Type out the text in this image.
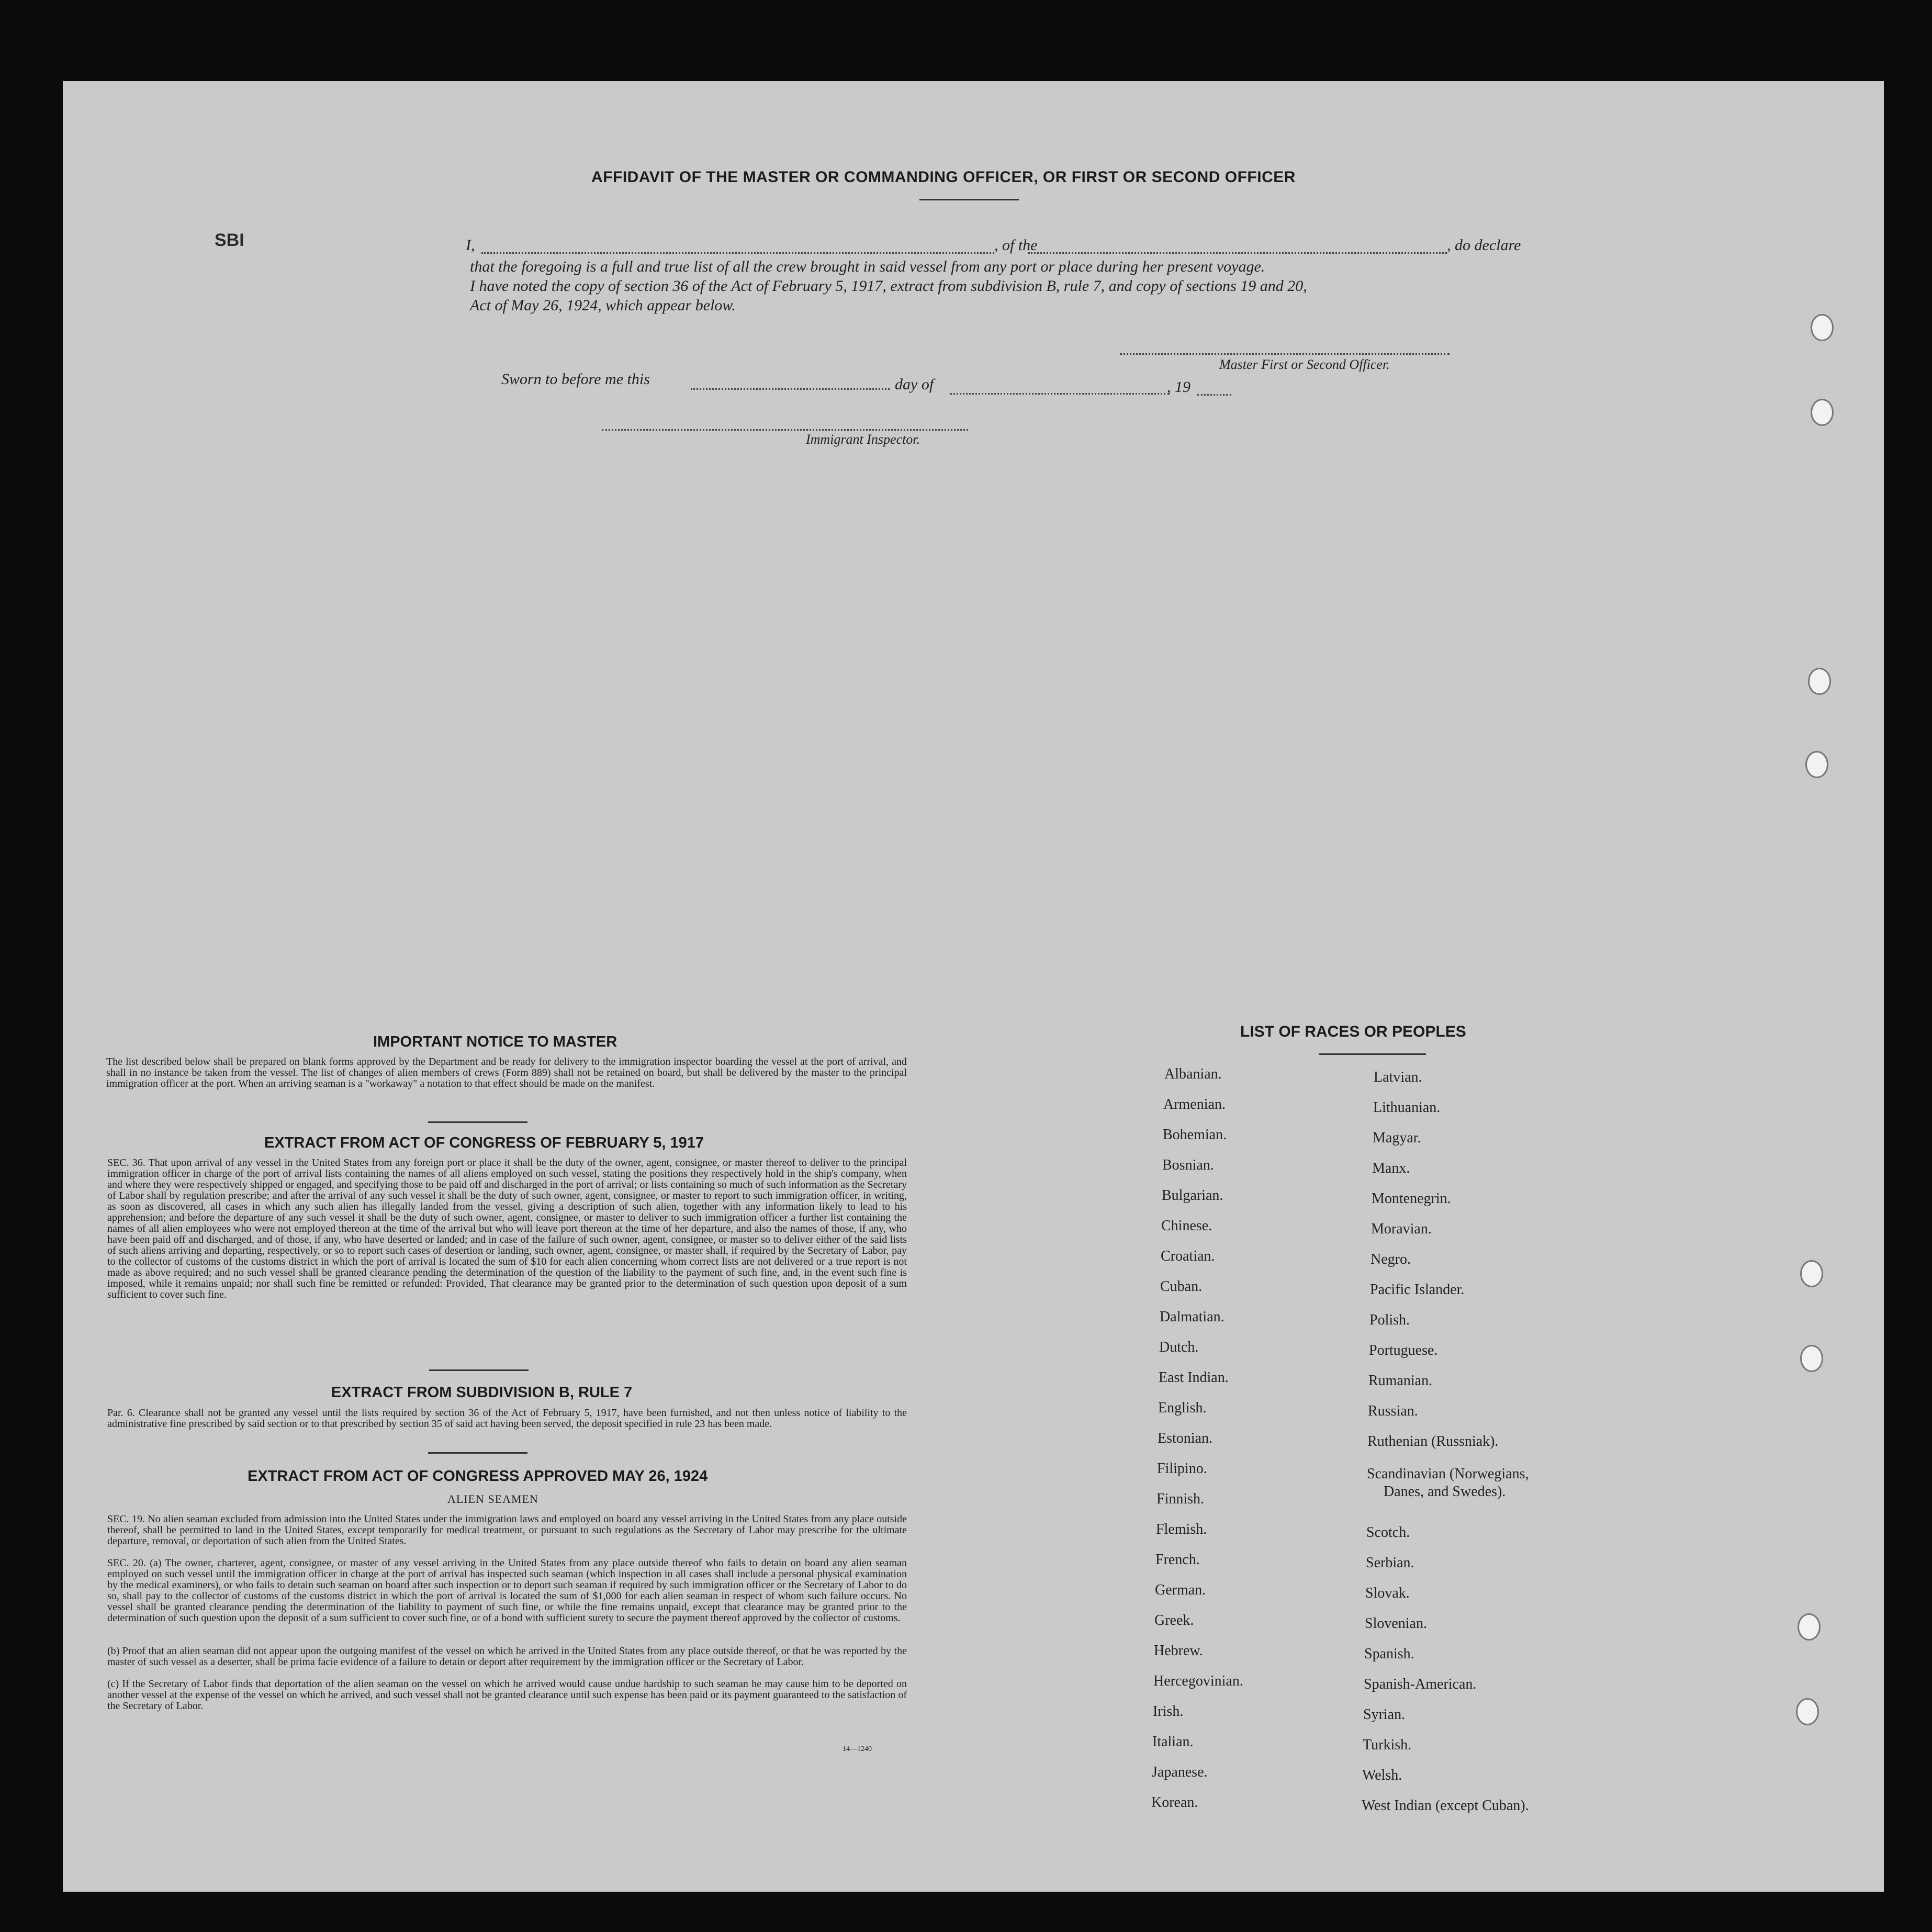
AFFIDAVIT OF THE MASTER OR COMMANDING OFFICER, OR FIRST OR SECOND OFFICER
SBI	I,	, of the	, do declare
that the foregoing is a full and true list of all the crew brought in said vessel from any port or place during her present voyage.
I have noted the copy of section 36 of the Act of February 5, 1917, extract from subdivision B, rule 7, and copy of sections 19 and 20,
Act of May 26, 1924, which appear below.
Master First or Second Officer.
Sworn to before me this	day of	, 19
Immigrant Inspector.
IMPORTANT NOTICE TO MASTER
The list described below shall be prepared on blank forms approved by the Department and be ready for delivery to the immigration inspector boarding the vessel at the port of arrival, and shall in no instance be taken from the vessel. The list of changes of alien members of crews (Form 889) shall not be retained on board, but shall be delivered by the master to the principal immigration officer at the port. When an arriving seaman is a "workaway" a notation to that effect should be made on the manifest.
EXTRACT FROM ACT OF CONGRESS OF FEBRUARY 5, 1917
SEC. 36. That upon arrival of any vessel in the United States from any foreign port or place it shall be the duty of the owner, agent, consignee, or master thereof to deliver to the principal immigration officer in charge of the port of arrival lists containing the names of all aliens employed on such vessel, stating the positions they respectively hold in the ship's company, when and where they were respectively shipped or engaged, and specifying those to be paid off and discharged in the port of arrival; or lists containing so much of such information as the Secretary of Labor shall by regulation prescribe; and after the arrival of any such vessel it shall be the duty of such owner, agent, consignee, or master to report to such immigration officer, in writing, as soon as discovered, all cases in which any such alien has illegally landed from the vessel, giving a description of such alien, together with any information likely to lead to his apprehension; and before the departure of any such vessel it shall be the duty of such owner, agent, consignee, or master to deliver to such immigration officer a further list containing the names of all alien employees who were not employed thereon at the time of the arrival but who will leave port thereon at the time of her departure, and also the names of those, if any, who have been paid off and discharged, and of those, if any, who have deserted or landed; and in case of the failure of such owner, agent, consignee, or master so to deliver either of the said lists of such aliens arriving and departing, respectively, or so to report such cases of desertion or landing, such owner, agent, consignee, or master shall, if required by the Secretary of Labor, pay to the collector of customs of the customs district in which the port of arrival is located the sum of $10 for each alien concerning whom correct lists are not delivered or a true report is not made as above required; and no such vessel shall be granted clearance pending the determination of the question of the liability to the payment of such fine, and, in the event such fine is imposed, while it remains unpaid; nor shall such fine be remitted or refunded: Provided, That clearance may be granted prior to the determination of such question upon deposit of a sum sufficient to cover such fine.
EXTRACT FROM SUBDIVISION B, RULE 7
Par. 6. Clearance shall not be granted any vessel until the lists required by section 36 of the Act of February 5, 1917, have been furnished, and not then unless notice of liability to the administrative fine prescribed by said section or to that prescribed by section 35 of said act having been served, the deposit specified in rule 23 has been made.
EXTRACT FROM ACT OF CONGRESS APPROVED MAY 26, 1924
ALIEN SEAMEN
SEC. 19. No alien seaman excluded from admission into the United States under the immigration laws and employed on board any vessel arriving in the United States from any place outside thereof, shall be permitted to land in the United States, except temporarily for medical treatment, or pursuant to such regulations as the Secretary of Labor may prescribe for the ultimate departure, removal, or deportation of such alien from the United States.
SEC. 20. (a) The owner, charterer, agent, consignee, or master of any vessel arriving in the United States from any place outside thereof who fails to detain on board any alien seaman employed on such vessel until the immigration officer in charge at the port of arrival has inspected such seaman (which inspection in all cases shall include a personal physical examination by the medical examiners), or who fails to detain such seaman on board after such inspection or to deport such seaman if required by such immigration officer or the Secretary of Labor to do so, shall pay to the collector of customs of the customs district in which the port of arrival is located the sum of $1,000 for each alien seaman in respect of whom such failure occurs. No vessel shall be granted clearance pending the determination of the liability to payment of such fine, or while the fine remains unpaid, except that clearance may be granted prior to the determination of such question upon the deposit of a sum sufficient to cover such fine, or of a bond with sufficient surety to secure the payment thereof approved by the collector of customs.
(b) Proof that an alien seaman did not appear upon the outgoing manifest of the vessel on which he arrived in the United States from any place outside thereof, or that he was reported by the master of such vessel as a deserter, shall be prima facie evidence of a failure to detain or deport after requirement by the immigration officer or the Secretary of Labor.
(c) If the Secretary of Labor finds that deportation of the alien seaman on the vessel on which he arrived would cause undue hardship to such seaman he may cause him to be deported on another vessel at the expense of the vessel on which he arrived, and such vessel shall not be granted clearance until such expense has been paid or its payment guaranteed to the satisfaction of the Secretary of Labor.
14—1240
LIST OF RACES OR PEOPLES
Albanian.
Armenian.
Bohemian.
Bosnian.
Bulgarian.
Chinese.
Croatian.
Cuban.
Dalmatian.
Dutch.
East Indian.
English.
Estonian.
Filipino.
Finnish.
Flemish.
French.
German.
Greek.
Hebrew.
Hercegovinian.
Irish.
Italian.
Japanese.
Korean.
Latvian.
Lithuanian.
Magyar.
Manx.
Montenegrin.
Moravian.
Negro.
Pacific Islander.
Polish.
Portuguese.
Rumanian.
Russian.
Ruthenian (Russniak).
Scandinavian (Norwegians,
Danes, and Swedes).
Scotch.
Serbian.
Slovak.
Slovenian.
Spanish.
Spanish-American.
Syrian.
Turkish.
Welsh.
West Indian (except Cuban).
